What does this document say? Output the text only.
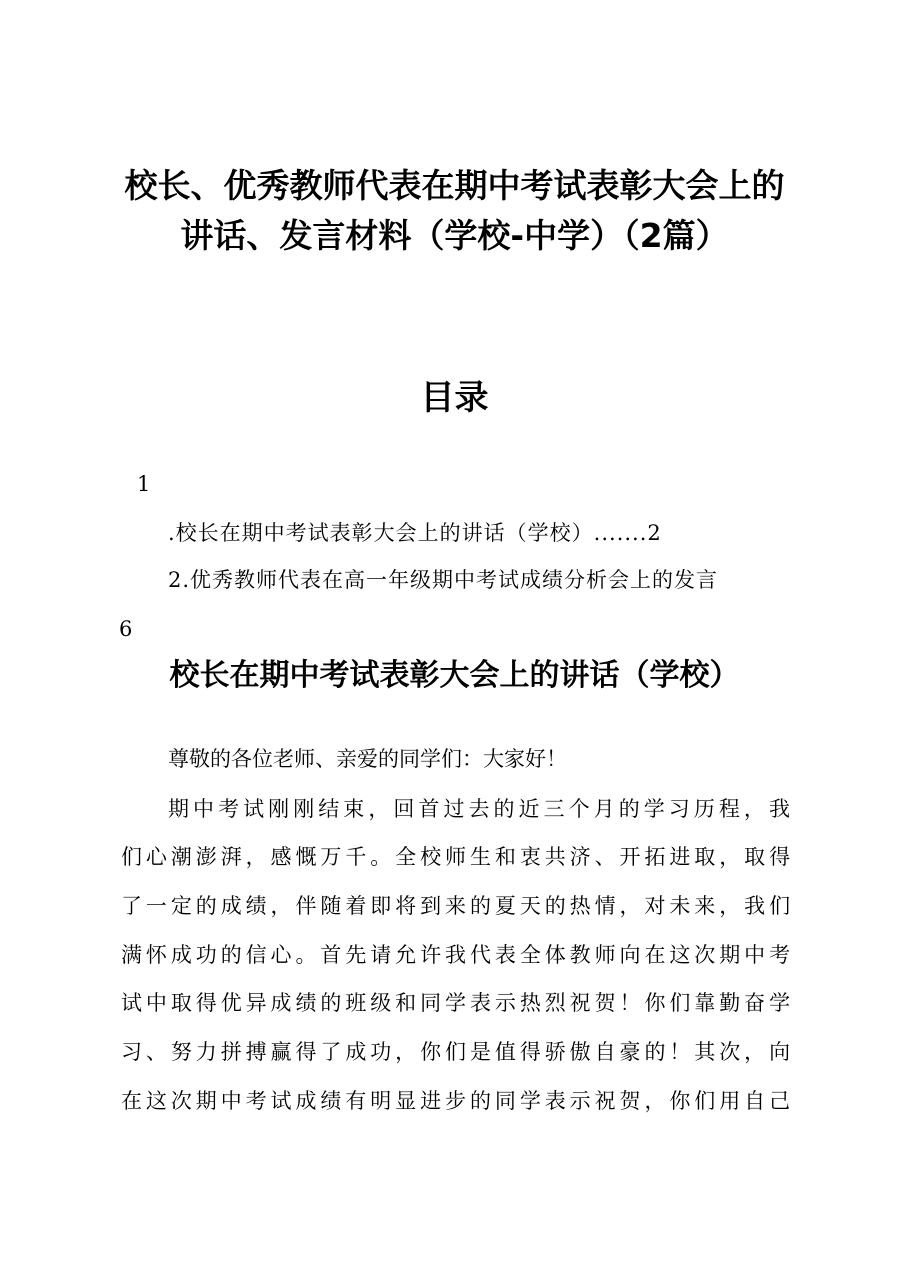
校长、优秀教师代表在期中考试表彰大会上的
讲话、发言材料（学校-中学）（2篇）
目录
1
.校长在期中考试表彰大会上的讲话（学校）.......2
2.优秀教师代表在高一年级期中考试成绩分析会上的发言
6
校长在期中考试表彰大会上的讲话（学校）
尊敬的各位老师、亲爱的同学们：大家好！
期中考试刚刚结束，回首过去的近三个月的学习历程，我
们心潮澎湃，感慨万千。全校师生和衷共济、开拓进取，取得
了一定的成绩，伴随着即将到来的夏天的热情，对未来，我们
满怀成功的信心。首先请允许我代表全体教师向在这次期中考
试中取得优异成绩的班级和同学表示热烈祝贺！你们靠勤奋学
习、努力拼搏赢得了成功，你们是值得骄傲自豪的！其次，向
在这次期中考试成绩有明显进步的同学表示祝贺，你们用自己
